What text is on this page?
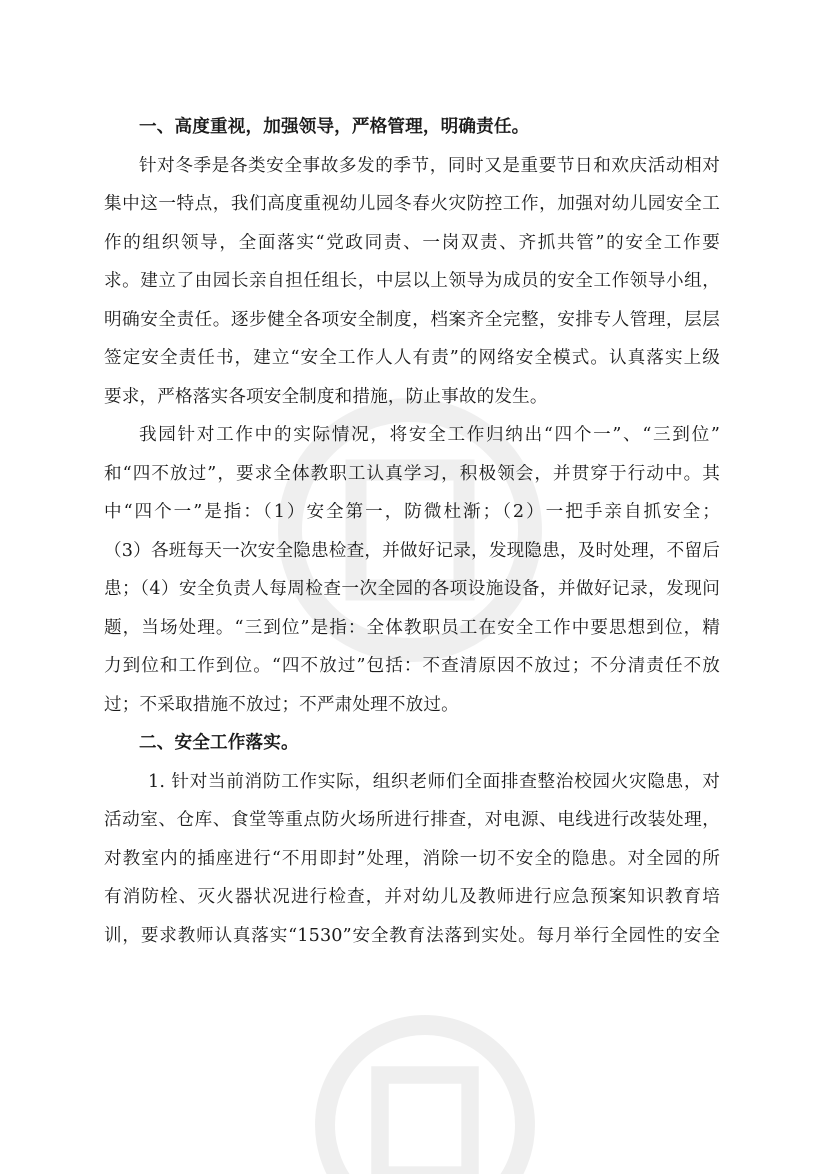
一、高度重视，加强领导，严格管理，明确责任。
针对冬季是各类安全事故多发的季节，同时又是重要节日和欢庆活动相对
集中这一特点，我们高度重视幼儿园冬春火灾防控工作，加强对幼儿园安全工
作的组织领导，全面落实“党政同责、一岗双责、齐抓共管”的安全工作要
求。建立了由园长亲自担任组长，中层以上领导为成员的安全工作领导小组，
明确安全责任。逐步健全各项安全制度，档案齐全完整，安排专人管理，层层
签定安全责任书，建立“安全工作人人有责”的网络安全模式。认真落实上级
要求，严格落实各项安全制度和措施，防止事故的发生。
我园针对工作中的实际情况，将安全工作归纳出“四个一”、“三到位”
和“四不放过”，要求全体教职工认真学习，积极领会，并贯穿于行动中。其
中“四个一”是指：（1）安全第一，防微杜渐；（2）一把手亲自抓安全；
（3）各班每天一次安全隐患检查，并做好记录，发现隐患，及时处理，不留后
患；（4）安全负责人每周检查一次全园的各项设施设备，并做好记录，发现问
题，当场处理。“三到位”是指：全体教职员工在安全工作中要思想到位，精
力到位和工作到位。“四不放过”包括：不查清原因不放过；不分清责任不放
过；不采取措施不放过；不严肃处理不放过。
二、安全工作落实。
1. 针对当前消防工作实际，组织老师们全面排查整治校园火灾隐患，对
活动室、仓库、食堂等重点防火场所进行排查，对电源、电线进行改装处理，
对教室内的插座进行“不用即封”处理，消除一切不安全的隐患。对全园的所
有消防栓、灭火器状况进行检查，并对幼儿及教师进行应急预案知识教育培
训，要求教师认真落实“1530”安全教育法落到实处。每月举行全园性的安全
